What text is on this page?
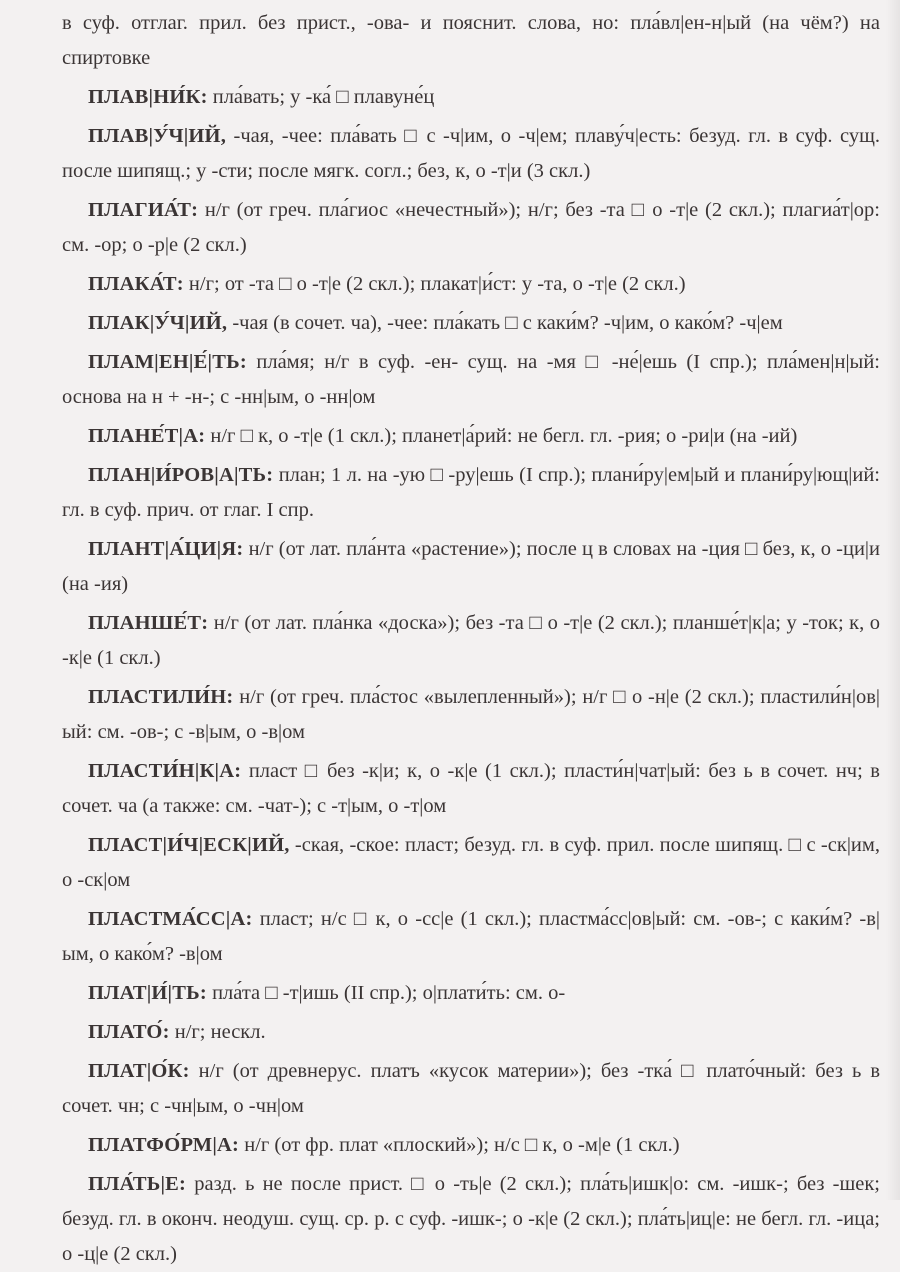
в суф. отглаг. прил. без прист., -ова- и пояснит. слова, но: пла́вл|ен-н|ый (на чём?) на спиртовке

ПЛАВ|НИ́К: пла́вать; у -ка́ □ плавуне́ц

ПЛАВ|У́Ч|ИЙ, -чая, -чее: пла́вать □ с -ч|им, о -ч|ем; плаву́ч|есть: безуд. гл. в суф. сущ. после шипящ.; у -сти; после мягк. согл.; без, к, о -т|и (3 скл.)

ПЛАГИА́Т: н/г (от греч. пла́гиос «нечестный»); н/г; без -та □ о -т|е (2 скл.); плагиа́т|ор: см. -ор; о -р|е (2 скл.)

ПЛАКА́Т: н/г; от -та □ о -т|е (2 скл.); плакат|и́ст: у -та, о -т|е (2 скл.)

ПЛАК|У́Ч|ИЙ, -чая (в сочет. ча), -чее: пла́кать □ с каки́м? -ч|им, о како́м? -ч|ем

ПЛАМ|ЕН|Е́|ТЬ: пла́мя; н/г в суф. -ен- сущ. на -мя □ -не́|ешь (I спр.); пла́мен|н|ый: основа на н + -н-; с -нн|ым, о -нн|ом

ПЛАНЕ́Т|А: н/г □ к, о -т|е (1 скл.); планет|а́рий: не бегл. гл. -рия; о -ри|и (на -ий)

ПЛАН|И́РОВ|А|ТЬ: план; 1 л. на -ую □ -ру|ешь (I спр.); плани́ру|ем|ый и плани́ру|ющ|ий: гл. в суф. прич. от глаг. I спр.

ПЛАНТ|А́ЦИ|Я: н/г (от лат. пла́нта «растение»); после ц в словах на -ция □ без, к, о -ци|и (на -ия)

ПЛАНШЕ́Т: н/г (от лат. пла́нка «доска»); без -та □ о -т|е (2 скл.); планше́т|к|а; у -ток; к, о -к|е (1 скл.)

ПЛАСТИЛИ́Н: н/г (от греч. пла́стос «вылепленный»); н/г □ о -н|е (2 скл.); пластили́н|ов|ый: см. -ов-; с -в|ым, о -в|ом

ПЛАСТИ́Н|К|А: пласт □ без -к|и; к, о -к|е (1 скл.); пласти́н|чат|ый: без ь в сочет. нч; в сочет. ча (а также: см. -чат-); с -т|ым, о -т|ом

ПЛАСТ|И́Ч|ЕСК|ИЙ, -ская, -ское: пласт; безуд. гл. в суф. прил. после шипящ. □ с -ск|им, о -ск|ом

ПЛАСТМА́СС|А: пласт; н/с □ к, о -сс|е (1 скл.); пластма́сс|ов|ый: см. -ов-; с каки́м? -в|ым, о како́м? -в|ом

ПЛАТ|И́|ТЬ: пла́та □ -т|ишь (II спр.); о|плати́ть: см. о-

ПЛАТО́: н/г; нескл.

ПЛАТ|О́К: н/г (от древнерус. платъ «кусок материи»); без -тка́ □ плато́чный: без ь в сочет. чн; с -чн|ым, о -чн|ом

ПЛАТФО́РМ|А: н/г (от фр. плат «плоский»); н/с □ к, о -м|е (1 скл.)

ПЛА́ТЬ|Е: разд. ь не после прист. □ о -ть|е (2 скл.); пла́ть|ишк|о: см. -ишк-; без -шек; безуд. гл. в оконч. неодуш. сущ. ср. р. с суф. -ишк-; о -к|е (2 скл.); пла́ть|иц|е: не бегл. гл. -ица; о -ц|е (2 скл.)
